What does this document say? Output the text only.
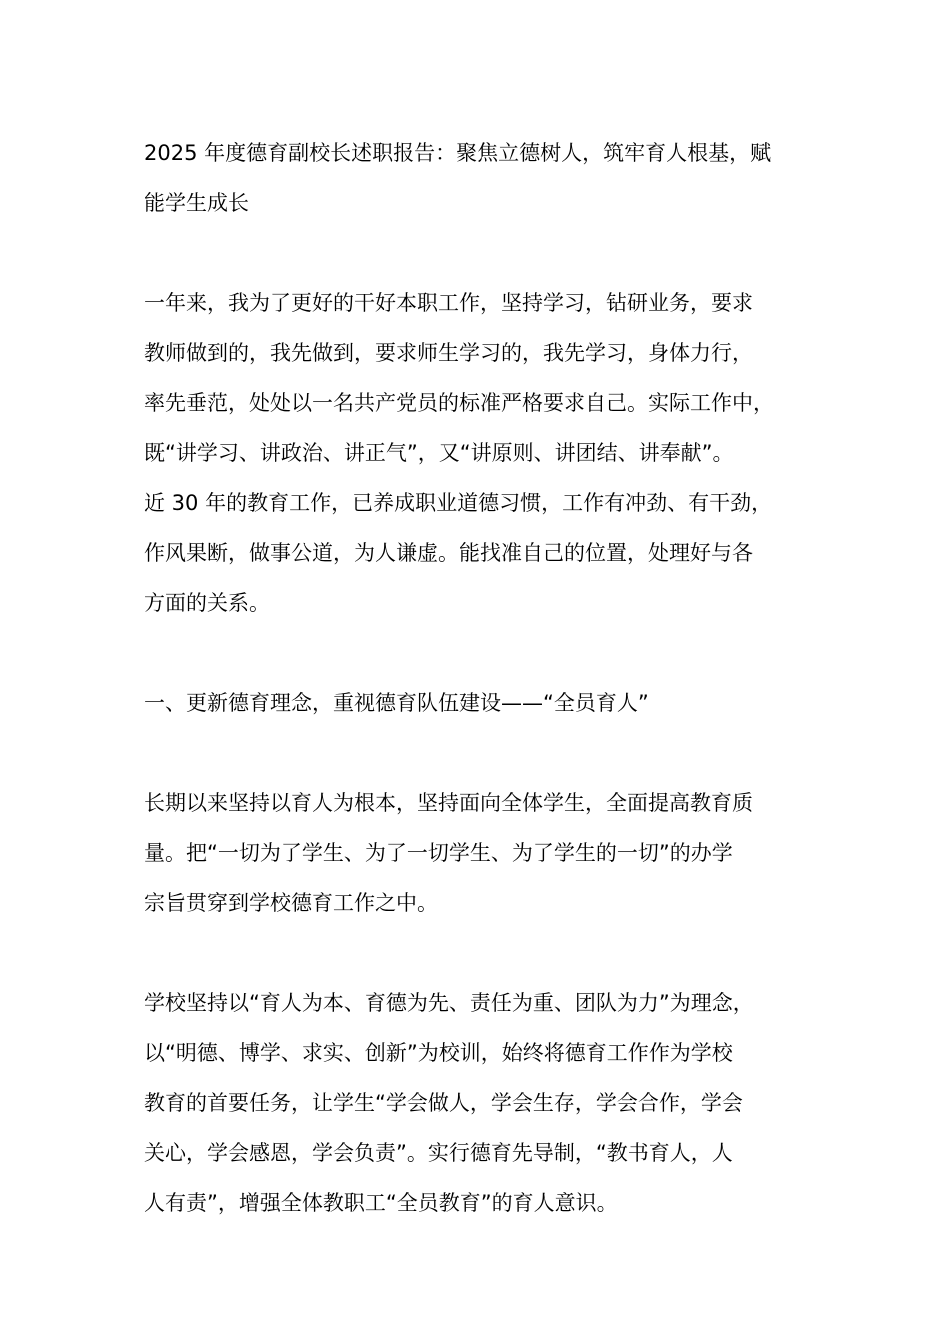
2025 年度德育副校长述职报告：聚焦立德树人，筑牢育人根基，赋
能学生成长
一年来，我为了更好的干好本职工作，坚持学习，钻研业务，要求
教师做到的，我先做到，要求师生学习的，我先学习，身体力行，
率先垂范，处处以一名共产党员的标准严格要求自己。实际工作中，
既“讲学习、讲政治、讲正气”，又“讲原则、讲团结、讲奉献”。
近 30 年的教育工作，已养成职业道德习惯，工作有冲劲、有干劲，
作风果断，做事公道，为人谦虚。能找准自己的位置，处理好与各
方面的关系。
一、更新德育理念，重视德育队伍建设——“全员育人”
长期以来坚持以育人为根本，坚持面向全体学生，全面提高教育质
量。把“一切为了学生、为了一切学生、为了学生的一切”的办学
宗旨贯穿到学校德育工作之中。
学校坚持以“育人为本、育德为先、责任为重、团队为力”为理念，
以“明德、博学、求实、创新”为校训，始终将德育工作作为学校
教育的首要任务，让学生“学会做人，学会生存，学会合作，学会
关心，学会感恩，学会负责”。实行德育先导制，“教书育人，人
人有责”，增强全体教职工“全员教育”的育人意识。
